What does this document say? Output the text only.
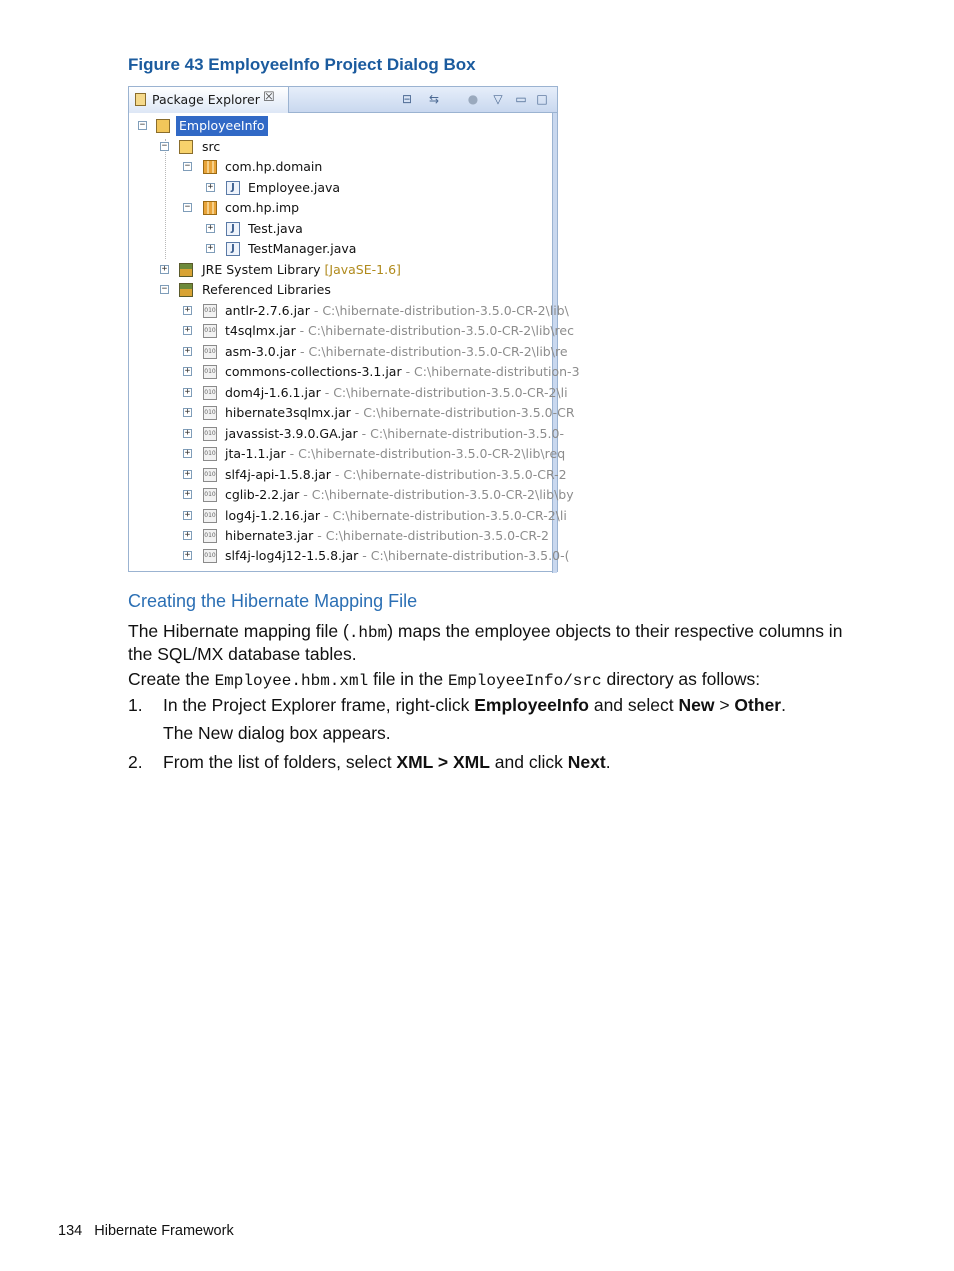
Figure 43 EmployeeInfo Project Dialog Box
Package Explorer ☒	⊟ ⇆ ● ▽ ▭ □
−	EmployeeInfo
−	src
−	com.hp.domain
+	J	Employee.java
−	com.hp.imp
+	J	Test.java
+	J	TestManager.java
+	JRE System Library [JavaSE-1.6]
−	Referenced Libraries
+ 010 antlr-2.7.6.jar - C:\hibernate-distribution-3.5.0-CR-2\lib\
+ 010 t4sqlmx.jar - C:\hibernate-distribution-3.5.0-CR-2\lib\rec
+ 010 asm-3.0.jar - C:\hibernate-distribution-3.5.0-CR-2\lib\re
+ 010 commons-collections-3.1.jar - C:\hibernate-distribution-3
+ 010 dom4j-1.6.1.jar - C:\hibernate-distribution-3.5.0-CR-2\li
+ 010 hibernate3sqlmx.jar - C:\hibernate-distribution-3.5.0-CR
+ 010 javassist-3.9.0.GA.jar - C:\hibernate-distribution-3.5.0-
+ 010 jta-1.1.jar - C:\hibernate-distribution-3.5.0-CR-2\lib\req
+ 010 slf4j-api-1.5.8.jar - C:\hibernate-distribution-3.5.0-CR-2
+ 010 cglib-2.2.jar - C:\hibernate-distribution-3.5.0-CR-2\lib\by
+ 010 log4j-1.2.16.jar - C:\hibernate-distribution-3.5.0-CR-2\li
+ 010 hibernate3.jar - C:\hibernate-distribution-3.5.0-CR-2
+ 010 slf4j-log4j12-1.5.8.jar - C:\hibernate-distribution-3.5.0-(
Creating the Hibernate Mapping File
The Hibernate mapping file (.hbm) maps the employee objects to their respective columns in the SQL/MX database tables.
Create the Employee.hbm.xml file in the EmployeeInfo/src directory as follows:
1. In the Project Explorer frame, right-click EmployeeInfo and select New > Other.
The New dialog box appears.
2. From the list of folders, select XML > XML and click Next.
134 Hibernate Framework
